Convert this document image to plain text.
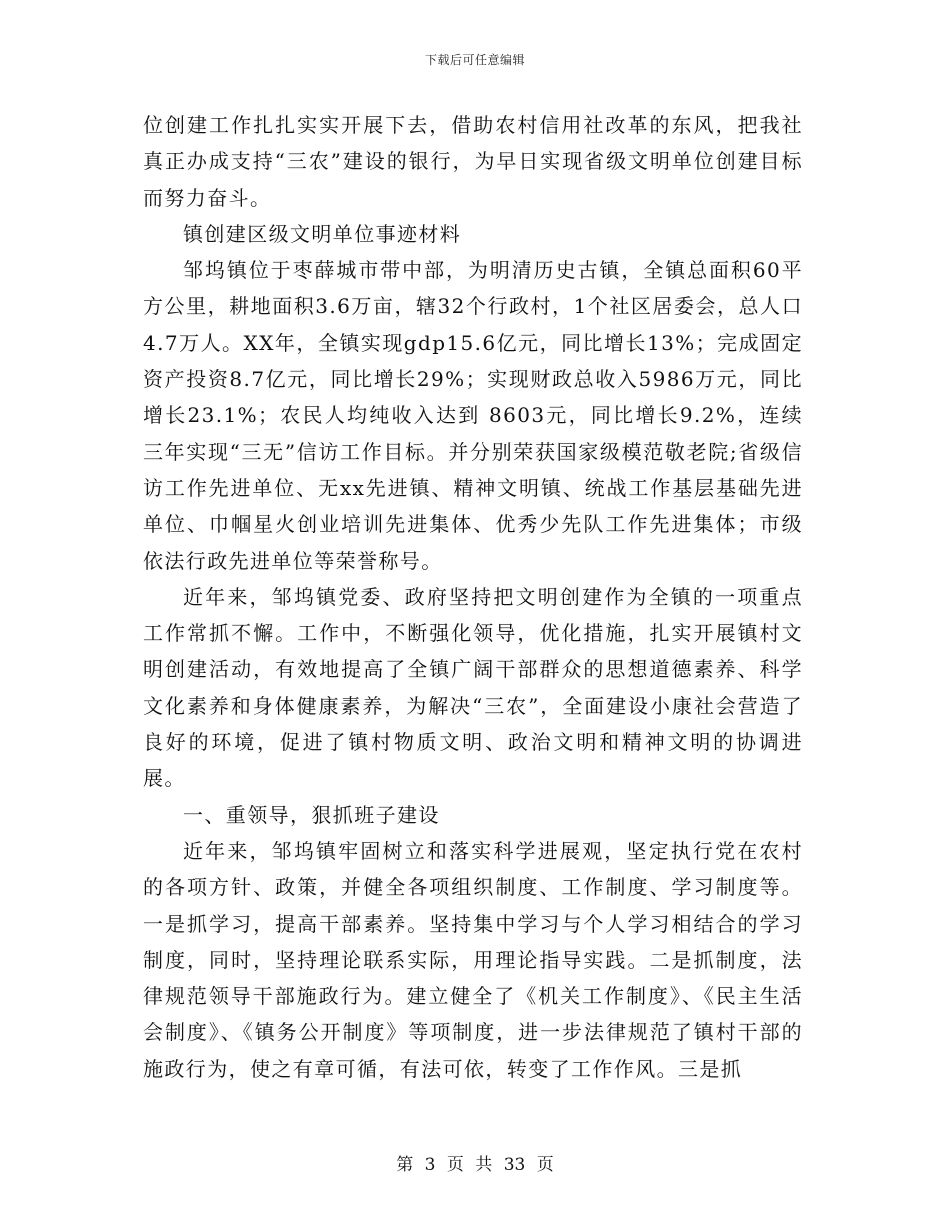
下载后可任意编辑

位创建工作扎扎实实开展下去，借助农村信用社改革的东风，把我社真正办成支持“三农”建设的银行，为早日实现省级文明单位创建目标而努力奋斗。

镇创建区级文明单位事迹材料

邹坞镇位于枣薛城市带中部，为明清历史古镇，全镇总面积60平方公里，耕地面积3.6万亩，辖32个行政村，1个社区居委会，总人口4.7万人。XX年，全镇实现gdp15.6亿元，同比增长13%；完成固定资产投资8.7亿元，同比增长29%；实现财政总收入5986万元，同比增长23.1%；农民人均纯收入达到 8603元，同比增长9.2%，连续三年实现“三无”信访工作目标。并分别荣获国家级模范敬老院;省级信访工作先进单位、无xx先进镇、精神文明镇、统战工作基层基础先进单位、巾帼星火创业培训先进集体、优秀少先队工作先进集体；市级依法行政先进单位等荣誉称号。

近年来，邹坞镇党委、政府坚持把文明创建作为全镇的一项重点工作常抓不懈。工作中，不断强化领导，优化措施，扎实开展镇村文明创建活动，有效地提高了全镇广阔干部群众的思想道德素养、科学文化素养和身体健康素养，为解决“三农”，全面建设小康社会营造了良好的环境，促进了镇村物质文明、政治文明和精神文明的协调进展。

一、重领导，狠抓班子建设

近年来，邹坞镇牢固树立和落实科学进展观，坚定执行党在农村的各项方针、政策，并健全各项组织制度、工作制度、学习制度等。一是抓学习，提高干部素养。坚持集中学习与个人学习相结合的学习制度，同时，坚持理论联系实际，用理论指导实践。二是抓制度，法律规范领导干部施政行为。建立健全了《机关工作制度》、《民主生活会制度》、《镇务公开制度》等项制度，进一步法律规范了镇村干部的施政行为，使之有章可循，有法可依，转变了工作作风。三是抓

第 3 页 共 33 页
